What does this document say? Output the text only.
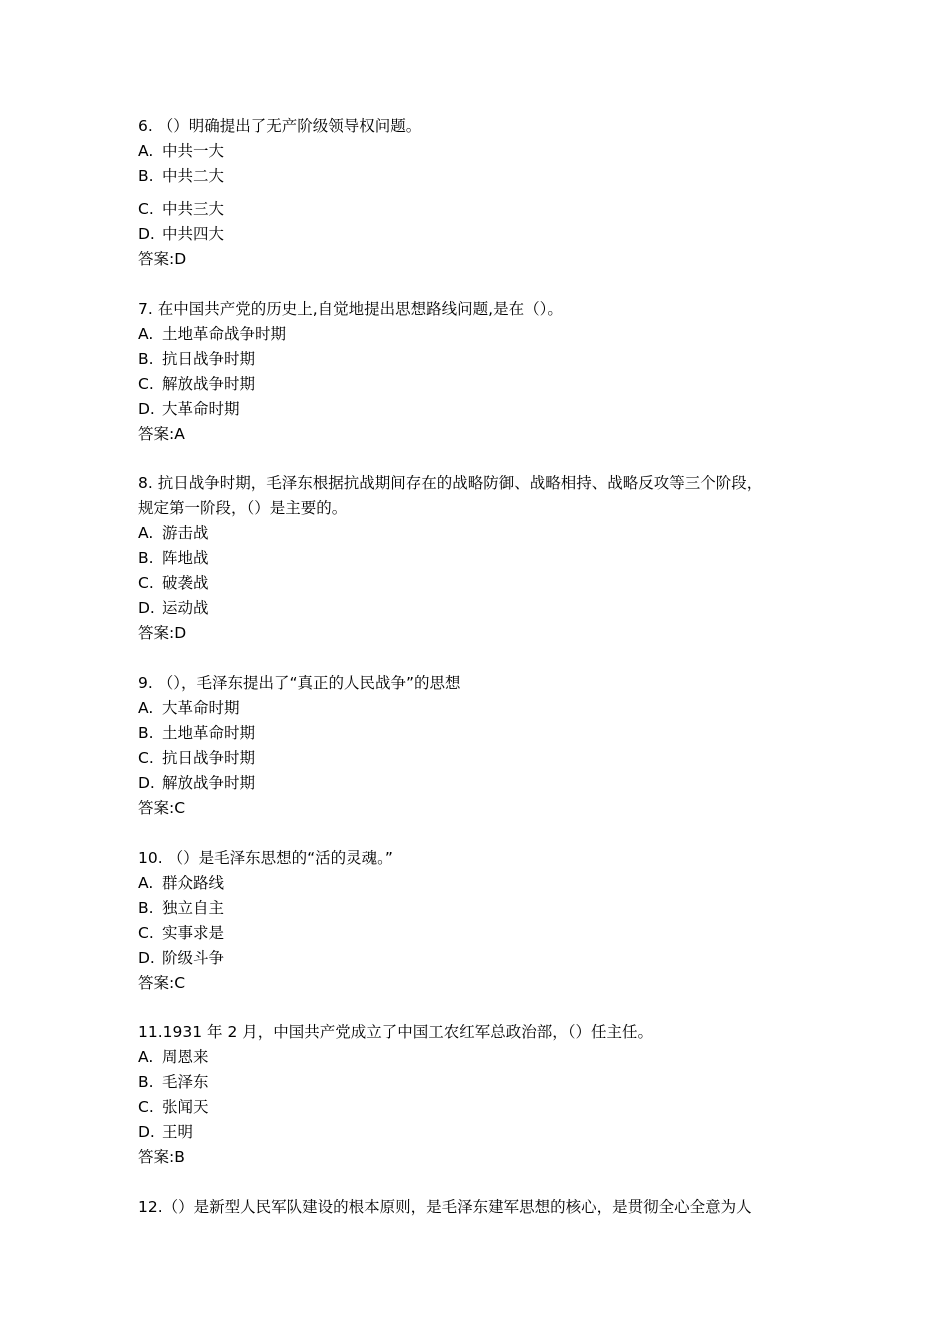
6. （）明确提出了无产阶级领导权问题。
A. 中共一大
B. 中共二大
C. 中共三大
D. 中共四大
答案:D
7. 在中国共产党的历史上,自觉地提出思想路线问题,是在（）。
A. 土地革命战争时期
B. 抗日战争时期
C. 解放战争时期
D. 大革命时期
答案:A
8. 抗日战争时期，毛泽东根据抗战期间存在的战略防御、战略相持、战略反攻等三个阶段，
规定第一阶段，（）是主要的。
A. 游击战
B. 阵地战
C. 破袭战
D. 运动战
答案:D
9. （），毛泽东提出了“真正的人民战争”的思想
A. 大革命时期
B. 土地革命时期
C. 抗日战争时期
D. 解放战争时期
答案:C
10. （）是毛泽东思想的“活的灵魂。”
A. 群众路线
B. 独立自主
C. 实事求是
D. 阶级斗争
答案:C
11.1931 年 2 月，中国共产党成立了中国工农红军总政治部，（）任主任。
A. 周恩来
B. 毛泽东
C. 张闻天
D. 王明
答案:B
12.（）是新型人民军队建设的根本原则，是毛泽东建军思想的核心，是贯彻全心全意为人
